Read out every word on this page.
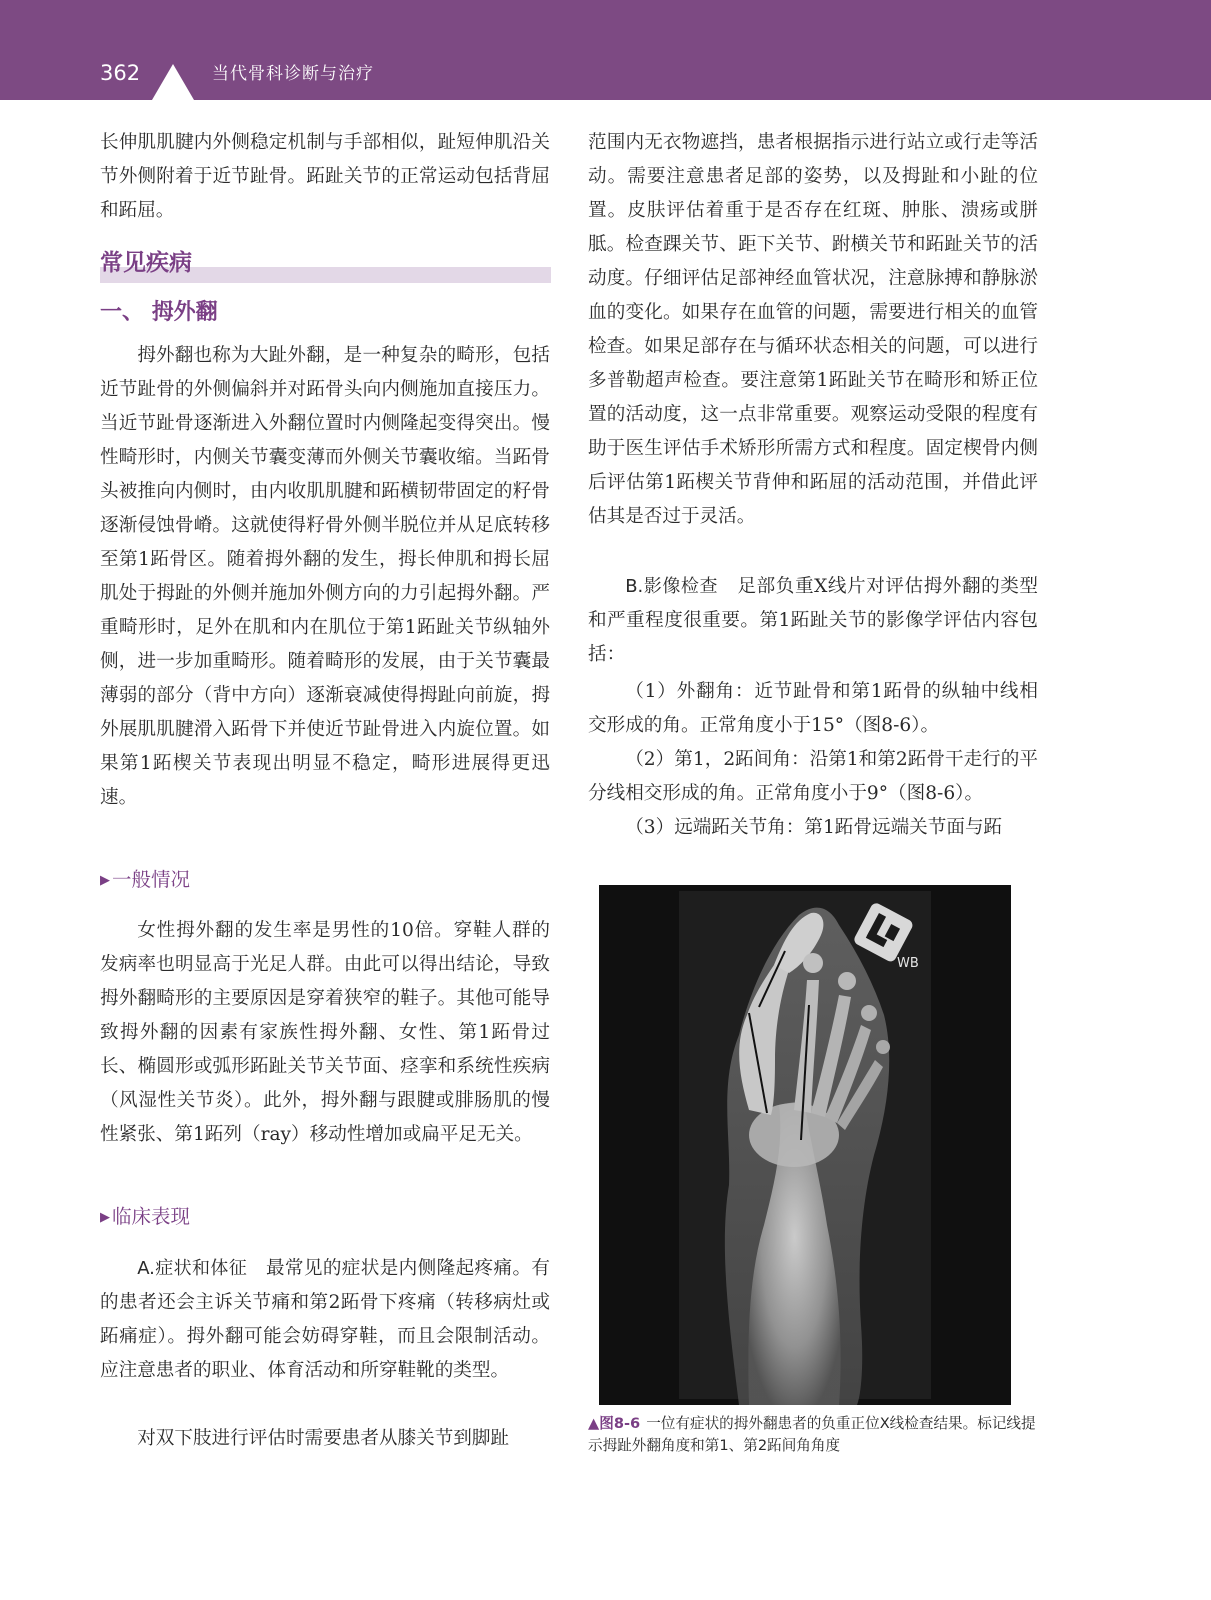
362	当代骨科诊断与治疗

长伸肌肌腱内外侧稳定机制与手部相似，趾短伸肌沿关节外侧附着于近节趾骨。跖趾关节的正常运动包括背屈和跖屈。

常见疾病
一、 拇外翻

拇外翻也称为大趾外翻，是一种复杂的畸形，包括近节趾骨的外侧偏斜并对跖骨头向内侧施加直接压力。当近节趾骨逐渐进入外翻位置时内侧隆起变得突出。慢性畸形时，内侧关节囊变薄而外侧关节囊收缩。当跖骨头被推向内侧时，由内收肌肌腱和跖横韧带固定的籽骨逐渐侵蚀骨嵴。这就使得籽骨外侧半脱位并从足底转移至第1跖骨区。随着拇外翻的发生，拇长伸肌和拇长屈肌处于拇趾的外侧并施加外侧方向的力引起拇外翻。严重畸形时，足外在肌和内在肌位于第1跖趾关节纵轴外侧，进一步加重畸形。随着畸形的发展，由于关节囊最薄弱的部分（背中方向）逐渐衰减使得拇趾向前旋，拇外展肌肌腱滑入跖骨下并使近节趾骨进入内旋位置。如果第1跖楔关节表现出明显不稳定，畸形进展得更迅速。

▶ 一般情况

女性拇外翻的发生率是男性的10倍。穿鞋人群的发病率也明显高于光足人群。由此可以得出结论，导致拇外翻畸形的主要原因是穿着狭窄的鞋子。其他可能导致拇外翻的因素有家族性拇外翻、女性、第1跖骨过长、椭圆形或弧形跖趾关节关节面、痉挛和系统性疾病（风湿性关节炎）。此外，拇外翻与跟腱或腓肠肌的慢性紧张、第1跖列（ray）移动性增加或扁平足无关。

▶ 临床表现

A.症状和体征 最常见的症状是内侧隆起疼痛。有的患者还会主诉关节痛和第2跖骨下疼痛（转移病灶或跖痛症）。拇外翻可能会妨碍穿鞋，而且会限制活动。应注意患者的职业、体育活动和所穿鞋靴的类型。

对双下肢进行评估时需要患者从膝关节到脚趾

范围内无衣物遮挡，患者根据指示进行站立或行走等活动。需要注意患者足部的姿势，以及拇趾和小趾的位置。皮肤评估着重于是否存在红斑、肿胀、溃疡或胼胝。检查踝关节、距下关节、跗横关节和跖趾关节的活动度。仔细评估足部神经血管状况，注意脉搏和静脉淤血的变化。如果存在血管的问题，需要进行相关的血管检查。如果足部存在与循环状态相关的问题，可以进行多普勒超声检查。要注意第1跖趾关节在畸形和矫正位置的活动度，这一点非常重要。观察运动受限的程度有助于医生评估手术矫形所需方式和程度。固定楔骨内侧后评估第1跖楔关节背伸和跖屈的活动范围，并借此评估其是否过于灵活。

B.影像检查 足部负重X线片对评估拇外翻的类型和严重程度很重要。第1跖趾关节的影像学评估内容包括：

（1）外翻角：近节趾骨和第1跖骨的纵轴中线相交形成的角。正常角度小于15°（图8-6）。

（2）第1，2跖间角：沿第1和第2跖骨干走行的平分线相交形成的角。正常角度小于9°（图8-6）。

（3）远端跖关节角：第1跖骨远端关节面与跖

WB
▲图8-6 一位有症状的拇外翻患者的负重正位X线检查结果。标记线提示拇趾外翻角度和第1、第2跖间角角度
